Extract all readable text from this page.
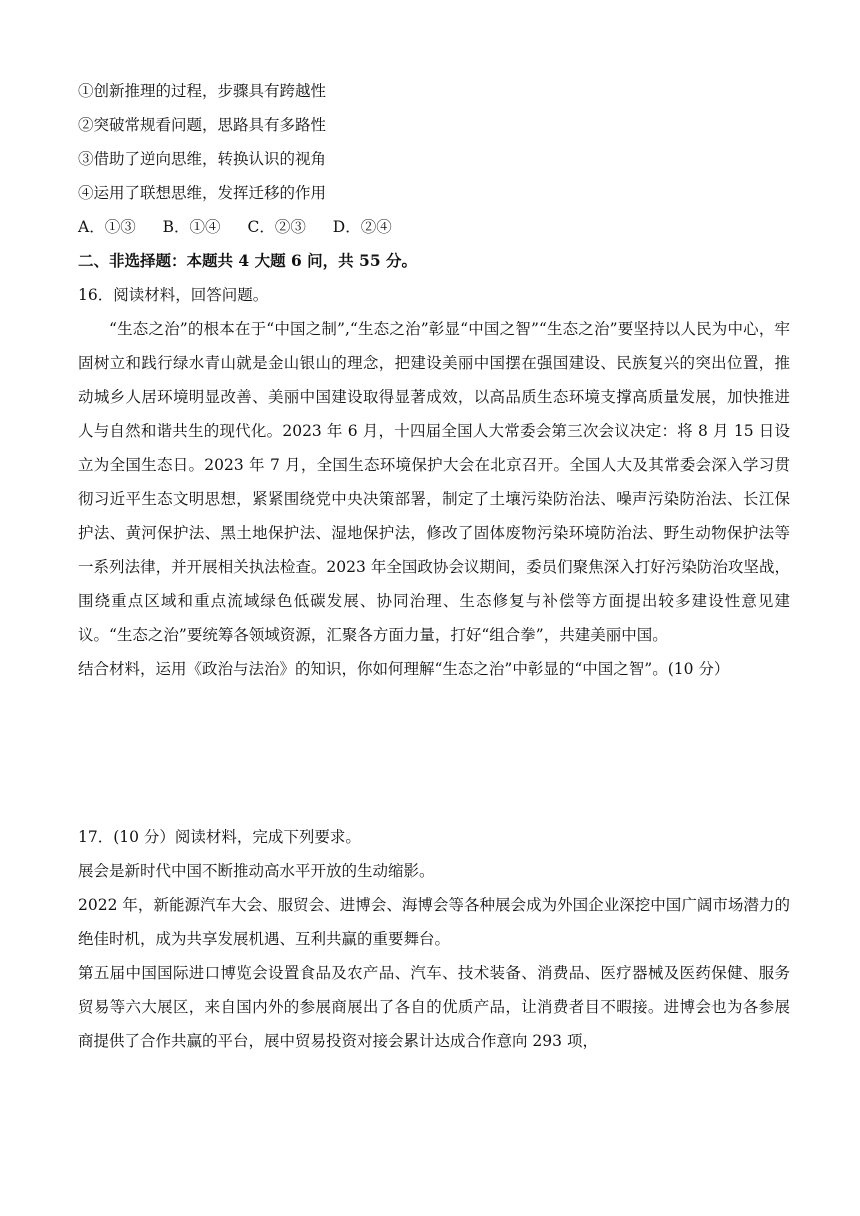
①创新推理的过程，步骤具有跨越性

②突破常规看问题，思路具有多路性

③借助了逆向思维，转换认识的视角

④运用了联想思维，发挥迁移的作用

A．①③ B．①④ C．②③ D．②④

二、非选择题：本题共 4 大题 6 问，共 55 分。

16．阅读材料，回答问题。

“生态之治”的根本在于“中国之制”,“生态之治”彰显“中国之智”“生态之治”要坚持以人民为中心，牢固树立和践行绿水青山就是金山银山的理念，把建设美丽中国摆在强国建设、民族复兴的突出位置，推动城乡人居环境明显改善、美丽中国建设取得显著成效，以高品质生态环境支撑高质量发展，加快推进人与自然和谐共生的现代化。2023 年 6 月，十四届全国人大常委会第三次会议决定：将 8 月 15 日设立为全国生态日。2023 年 7 月，全国生态环境保护大会在北京召开。全国人大及其常委会深入学习贯彻习近平生态文明思想，紧紧围绕党中央决策部署，制定了土壤污染防治法、噪声污染防治法、长江保护法、黄河保护法、黑土地保护法、湿地保护法，修改了固体废物污染环境防治法、野生动物保护法等一系列法律，并开展相关执法检查。2023 年全国政协会议期间，委员们聚焦深入打好污染防治攻坚战，围绕重点区域和重点流域绿色低碳发展、协同治理、生态修复与补偿等方面提出较多建设性意见建议。“生态之治”要统筹各领域资源，汇聚各方面力量，打好“组合拳”，共建美丽中国。

结合材料，运用《政治与法治》的知识，你如何理解“生态之治”中彰显的“中国之智”。(10 分）

17．(10 分）阅读材料，完成下列要求。

展会是新时代中国不断推动高水平开放的生动缩影。

2022 年，新能源汽车大会、服贸会、进博会、海博会等各种展会成为外国企业深挖中国广阔市场潜力的绝佳时机，成为共享发展机遇、互利共赢的重要舞台。

第五届中国国际进口博览会设置食品及农产品、汽车、技术装备、消费品、医疗器械及医药保健、服务贸易等六大展区，来自国内外的参展商展出了各自的优质产品，让消费者目不暇接。进博会也为各参展商提供了合作共赢的平台，展中贸易投资对接会累计达成合作意向 293 项，
